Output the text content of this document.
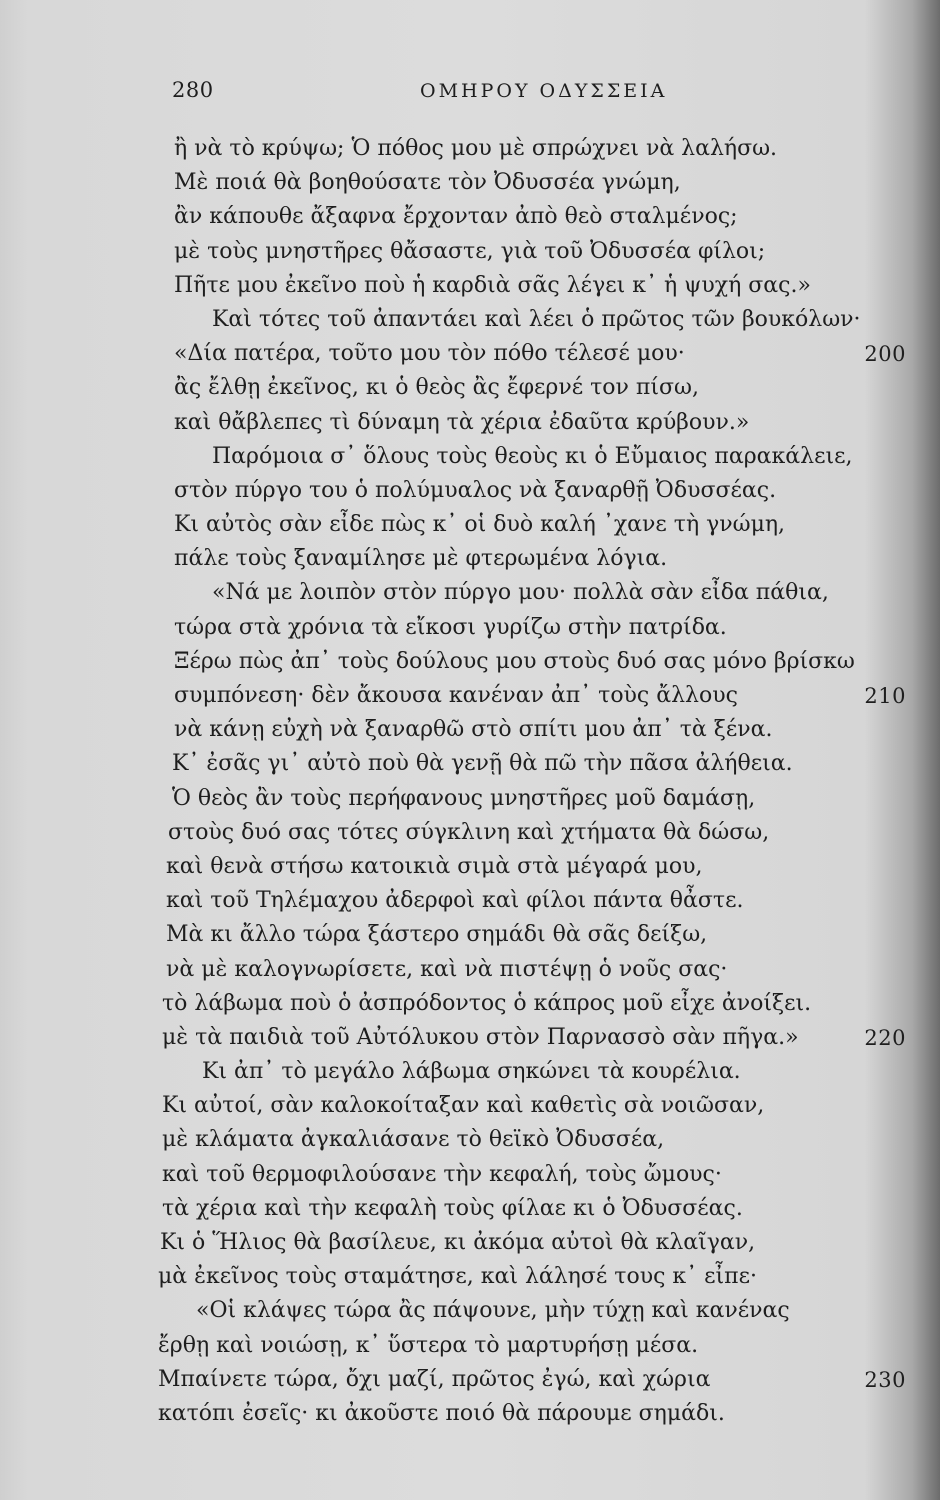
280	ΟΜΗΡΟΥ ΟΔΥΣΣΕΙΑ
ἢ νὰ τὸ κρύψω; Ὁ πόθος μου μὲ σπρώχνει νὰ λαλήσω.
Μὲ ποιά θὰ βοηθούσατε τὸν Ὀδυσσέα γνώμη,
ἂν κάπουθε ἄξαφνα ἔρχονταν ἀπὸ θεὸ σταλμένος;
μὲ τοὺς μνηστῆρες θἄσαστε, γιὰ τοῦ Ὀδυσσέα φίλοι;
Πῆτε μου ἐκεῖνο ποὺ ἡ καρδιὰ σᾶς λέγει κ᾿ ἡ ψυχή σας.»
Καὶ τότες τοῦ ἀπαντάει καὶ λέει ὁ πρῶτος τῶν βουκόλων·
«Δία πατέρα, τοῦτο μου τὸν πόθο τέλεσέ μου·	200
ἂς ἔλθῃ ἐκεῖνος, κι ὁ θεὸς ἂς ἔφερνέ τον πίσω,
καὶ θἄβλεπες τὶ δύναμη τὰ χέρια ἐδαῦτα κρύβουν.»
Παρόμοια σ᾿ ὅλους τοὺς θεοὺς κι ὁ Εὔμαιος παρακάλειε,
στὸν πύργο του ὁ πολύμυαλος νὰ ξαναρθῇ Ὀδυσσέας.
Κι αὐτὸς σὰν εἶδε πὼς κ᾿ οἱ δυὸ καλή ᾽χανε τὴ γνώμη,
πάλε τοὺς ξαναμίλησε μὲ φτερωμένα λόγια.
«Νά με λοιπὸν στὸν πύργο μου· πολλὰ σὰν εἶδα πάθια,
τώρα στὰ χρόνια τὰ εἴκοσι γυρίζω στὴν πατρίδα.
Ξέρω πὼς ἀπ᾿ τοὺς δούλους μου στοὺς δυό σας μόνο βρίσκω
συμπόνεση· δὲν ἄκουσα κανέναν ἀπ᾿ τοὺς ἄλλους	210
νὰ κάνῃ εὐχὴ νὰ ξαναρθῶ στὸ σπίτι μου ἀπ᾿ τὰ ξένα.
Κ᾿ ἐσᾶς γι᾿ αὐτὸ ποὺ θὰ γενῇ θὰ πῶ τὴν πᾶσα ἀλήθεια.
Ὁ θεὸς ἂν τοὺς περήφανους μνηστῆρες μοῦ δαμάσῃ,
στοὺς δυό σας τότες σύγκλινη καὶ χτήματα θὰ δώσω,
καὶ θενὰ στήσω κατοικιὰ σιμὰ στὰ μέγαρά μου,
καὶ τοῦ Τηλέμαχου ἀδερφοὶ καὶ φίλοι πάντα θἆστε.
Μὰ κι ἄλλο τώρα ξάστερο σημάδι θὰ σᾶς δείξω,
νὰ μὲ καλογνωρίσετε, καὶ νὰ πιστέψῃ ὁ νοῦς σας·
τὸ λάβωμα ποὺ ὁ ἀσπρόδοντος ὁ κάπρος μοῦ εἶχε ἀνοίξει.
μὲ τὰ παιδιὰ τοῦ Αὐτόλυκου στὸν Παρνασσὸ σὰν πῆγα.»	220
Κι ἀπ᾿ τὸ μεγάλο λάβωμα σηκώνει τὰ κουρέλια.
Κι αὐτοί, σὰν καλοκοίταξαν καὶ καθετὶς σὰ νοιῶσαν,
μὲ κλάματα ἀγκαλιάσανε τὸ θεϊκὸ Ὀδυσσέα,
καὶ τοῦ θερμοφιλούσανε τὴν κεφαλή, τοὺς ὤμους·
τὰ χέρια καὶ τὴν κεφαλὴ τοὺς φίλαε κι ὁ Ὀδυσσέας.
Κι ὁ Ἥλιος θὰ βασίλευε, κι ἀκόμα αὐτοὶ θὰ κλαῖγαν,
μὰ ἐκεῖνος τοὺς σταμάτησε, καὶ λάλησέ τους κ᾿ εἶπε·
«Οἱ κλάψες τώρα ἂς πάψουνε, μὴν τύχῃ καὶ κανένας
ἔρθῃ καὶ νοιώσῃ, κ᾿ ὕστερα τὸ μαρτυρήσῃ μέσα.
Μπαίνετε τώρα, ὄχι μαζί, πρῶτος ἐγώ, καὶ χώρια	230
κατόπι ἐσεῖς· κι ἀκοῦστε ποιό θὰ πάρουμε σημάδι.
